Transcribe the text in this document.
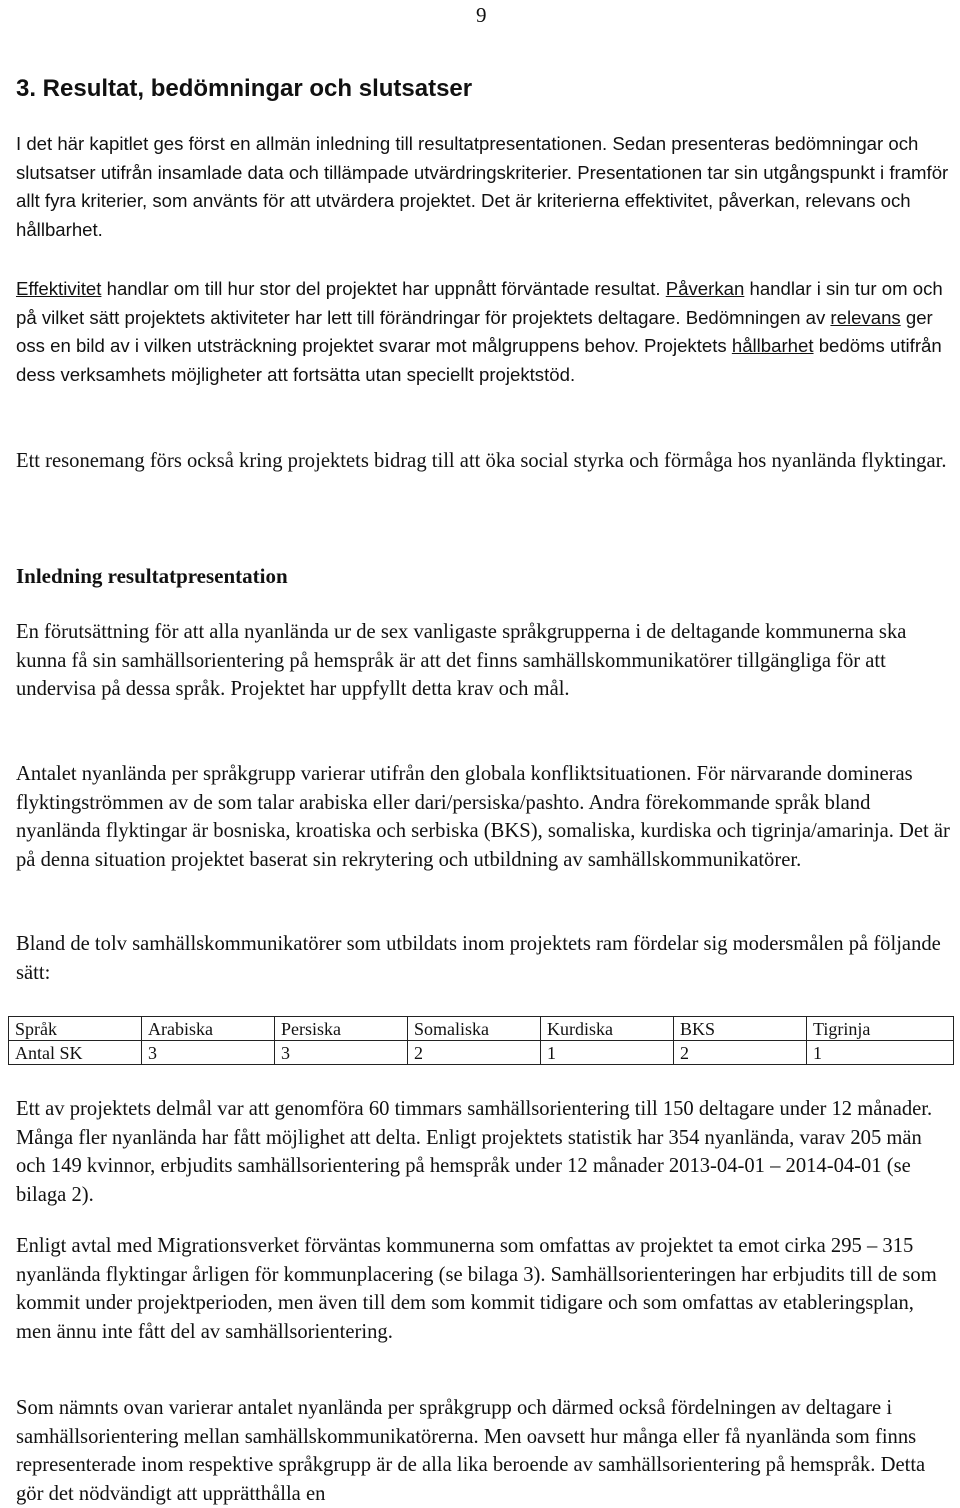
9
3. Resultat, bedömningar och slutsatser

I det här kapitlet ges först en allmän inledning till resultatpresentationen. Sedan presenteras bedömningar och slutsatser utifrån insamlade data och tillämpade utvärdringskriterier. Presentationen tar sin utgångspunkt i framför allt fyra kriterier, som använts för att utvärdera projektet. Det är kriterierna effektivitet, påverkan, relevans och hållbarhet.

Effektivitet handlar om till hur stor del projektet har uppnått förväntade resultat. Påverkan handlar i sin tur om och på vilket sätt projektets aktiviteter har lett till förändringar för projektets deltagare. Bedömningen av relevans ger oss en bild av i vilken utsträckning projektet svarar mot målgruppens behov. Projektets hållbarhet bedöms utifrån dess verksamhets möjligheter att fortsätta utan speciellt projektstöd.

Ett resonemang förs också kring projektets bidrag till att öka social styrka och förmåga hos nyanlända flyktingar.

Inledning resultatpresentation

En förutsättning för att alla nyanlända ur de sex vanligaste språkgrupperna i de deltagande kommunerna ska kunna få sin samhällsorientering på hemspråk är att det finns samhällskommunikatörer tillgängliga för att undervisa på dessa språk. Projektet har uppfyllt detta krav och mål.

Antalet nyanlända per språkgrupp varierar utifrån den globala konfliktsituationen. För närvarande domineras flyktingströmmen av de som talar arabiska eller dari/persiska/pashto. Andra förekommande språk bland nyanlända flyktingar är bosniska, kroatiska och serbiska (BKS), somaliska, kurdiska och tigrinja/amarinja. Det är på denna situation projektet baserat sin rekrytering och utbildning av samhällskommunikatörer.

Bland de tolv samhällskommunikatörer som utbildats inom projektets ram fördelar sig modersmålen på följande sätt:

Språk	Arabiska	Persiska	Somaliska	Kurdiska	BKS	Tigrinja
Antal SK	3	3	2	1	2	1

Ett av projektets delmål var att genomföra 60 timmars samhällsorientering till 150 deltagare under 12 månader. Många fler nyanlända har fått möjlighet att delta. Enligt projektets statistik har 354 nyanlända, varav 205 män och 149 kvinnor, erbjudits samhällsorientering på hemspråk under 12 månader 2013-04-01 – 2014-04-01 (se bilaga 2).

Enligt avtal med Migrationsverket förväntas kommunerna som omfattas av projektet ta emot cirka 295 – 315 nyanlända flyktingar årligen för kommunplacering (se bilaga 3). Samhällsorienteringen har erbjudits till de som kommit under projektperioden, men även till dem som kommit tidigare och som omfattas av etableringsplan, men ännu inte fått del av samhällsorientering.

Som nämnts ovan varierar antalet nyanlända per språkgrupp och därmed också fördelningen av deltagare i samhällsorientering mellan samhällskommunikatörerna. Men oavsett hur många eller få nyanlända som finns representerade inom respektive språkgrupp är de alla lika beroende av samhällsorientering på hemspråk. Detta gör det nödvändigt att upprätthålla en
